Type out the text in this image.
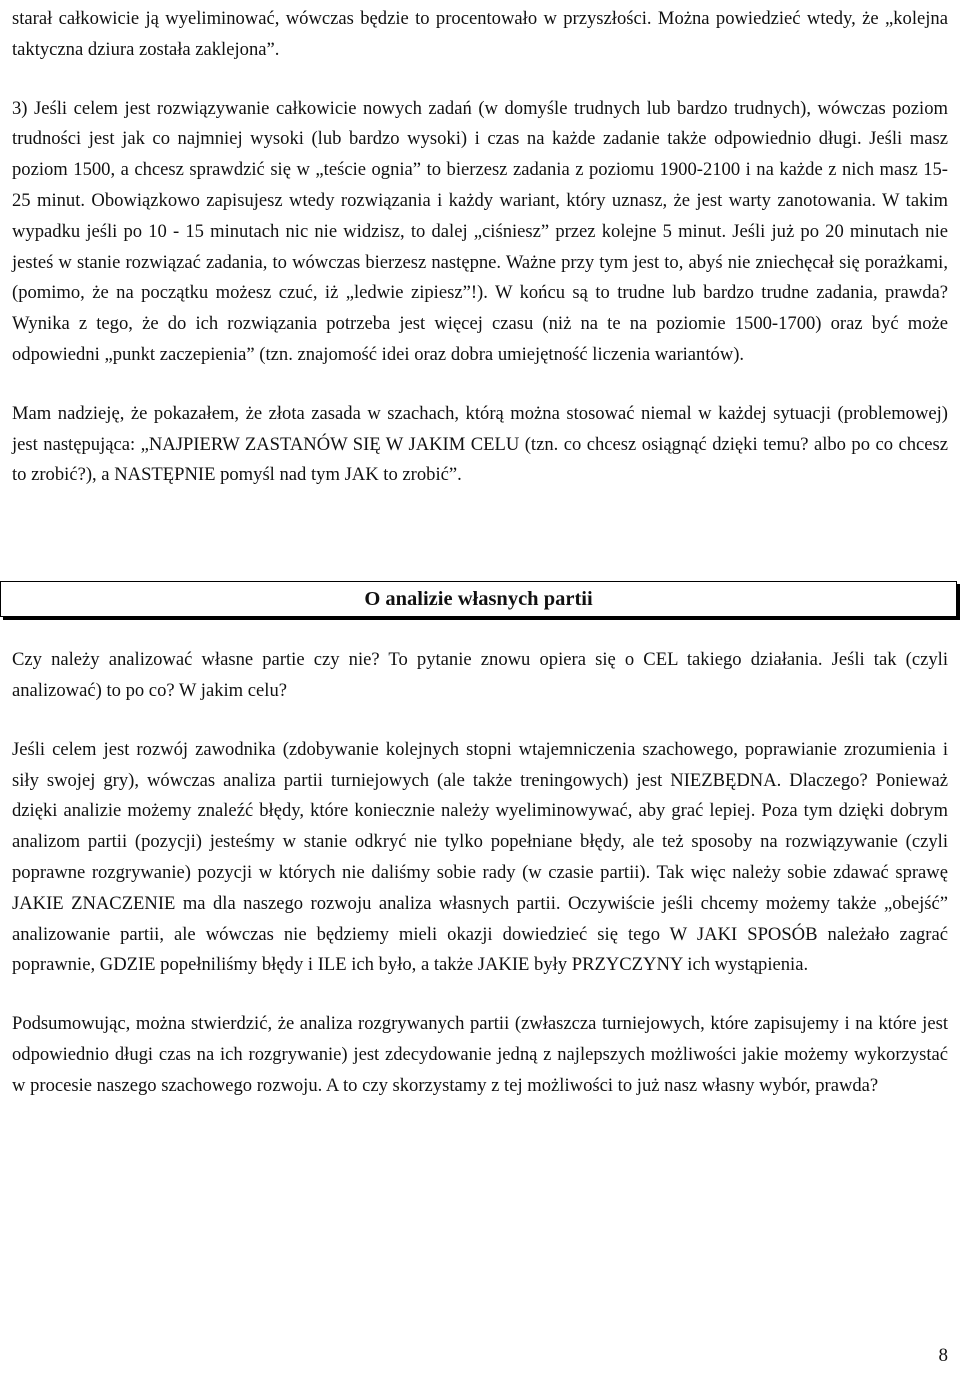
starał całkowicie ją wyeliminować, wówczas będzie to procentowało w przyszłości. Można powiedzieć wtedy, że „kolejna taktyczna dziura została zaklejona”.

3) Jeśli celem jest rozwiązywanie całkowicie nowych zadań (w domyśle trudnych lub bardzo trudnych), wówczas poziom trudności jest jak co najmniej wysoki (lub bardzo wysoki) i czas na każde zadanie także odpowiednio długi. Jeśli masz poziom 1500, a chcesz sprawdzić się w „teście ognia” to bierzesz zadania z poziomu 1900-2100 i na każde z nich masz 15-25 minut. Obowiązkowo zapisujesz wtedy rozwiązania i każdy wariant, który uznasz, że jest warty zanotowania. W takim wypadku jeśli po 10 - 15 minutach nic nie widzisz, to dalej „ciśniesz” przez kolejne 5 minut. Jeśli już po 20 minutach nie jesteś w stanie rozwiązać zadania, to wówczas bierzesz następne. Ważne przy tym jest to, abyś nie zniechęcał się porażkami, (pomimo, że na początku możesz czuć, iż „ledwie zipiesz”!). W końcu są to trudne lub bardzo trudne zadania, prawda? Wynika z tego, że do ich rozwiązania potrzeba jest więcej czasu (niż na te na poziomie 1500-1700) oraz być może odpowiedni „punkt zaczepienia” (tzn. znajomość idei oraz dobra umiejętność liczenia wariantów).

Mam nadzieję, że pokazałem, że złota zasada w szachach, którą można stosować niemal w każdej sytuacji (problemowej) jest następująca: „NAJPIERW ZASTANÓW SIĘ W JAKIM CELU (tzn. co chcesz osiągnąć dzięki temu? albo po co chcesz to zrobić?), a NASTĘPNIE pomyśl nad tym JAK to zrobić”.

O analizie własnych partii

Czy należy analizować własne partie czy nie? To pytanie znowu opiera się o CEL takiego działania. Jeśli tak (czyli analizować) to po co? W jakim celu?

Jeśli celem jest rozwój zawodnika (zdobywanie kolejnych stopni wtajemniczenia szachowego, poprawianie zrozumienia i siły swojej gry), wówczas analiza partii turniejowych (ale także treningowych) jest NIEZBĘDNA. Dlaczego? Ponieważ dzięki analizie możemy znaleźć błędy, które koniecznie należy wyeliminowywać, aby grać lepiej. Poza tym dzięki dobrym analizom partii (pozycji) jesteśmy w stanie odkryć nie tylko popełniane błędy, ale też sposoby na rozwiązywanie (czyli poprawne rozgrywanie) pozycji w których nie daliśmy sobie rady (w czasie partii). Tak więc należy sobie zdawać sprawę JAKIE ZNACZENIE ma dla naszego rozwoju analiza własnych partii. Oczywiście jeśli chcemy możemy także „obejść” analizowanie partii, ale wówczas nie będziemy mieli okazji dowiedzieć się tego W JAKI SPOSÓB należało zagrać poprawnie, GDZIE popełniliśmy błędy i ILE ich było, a także JAKIE były PRZYCZYNY ich wystąpienia.

Podsumowując, można stwierdzić, że analiza rozgrywanych partii (zwłaszcza turniejowych, które zapisujemy i na które jest odpowiednio długi czas na ich rozgrywanie) jest zdecydowanie jedną z najlepszych możliwości jakie możemy wykorzystać w procesie naszego szachowego rozwoju. A to czy skorzystamy z tej możliwości to już nasz własny wybór, prawda?

8
